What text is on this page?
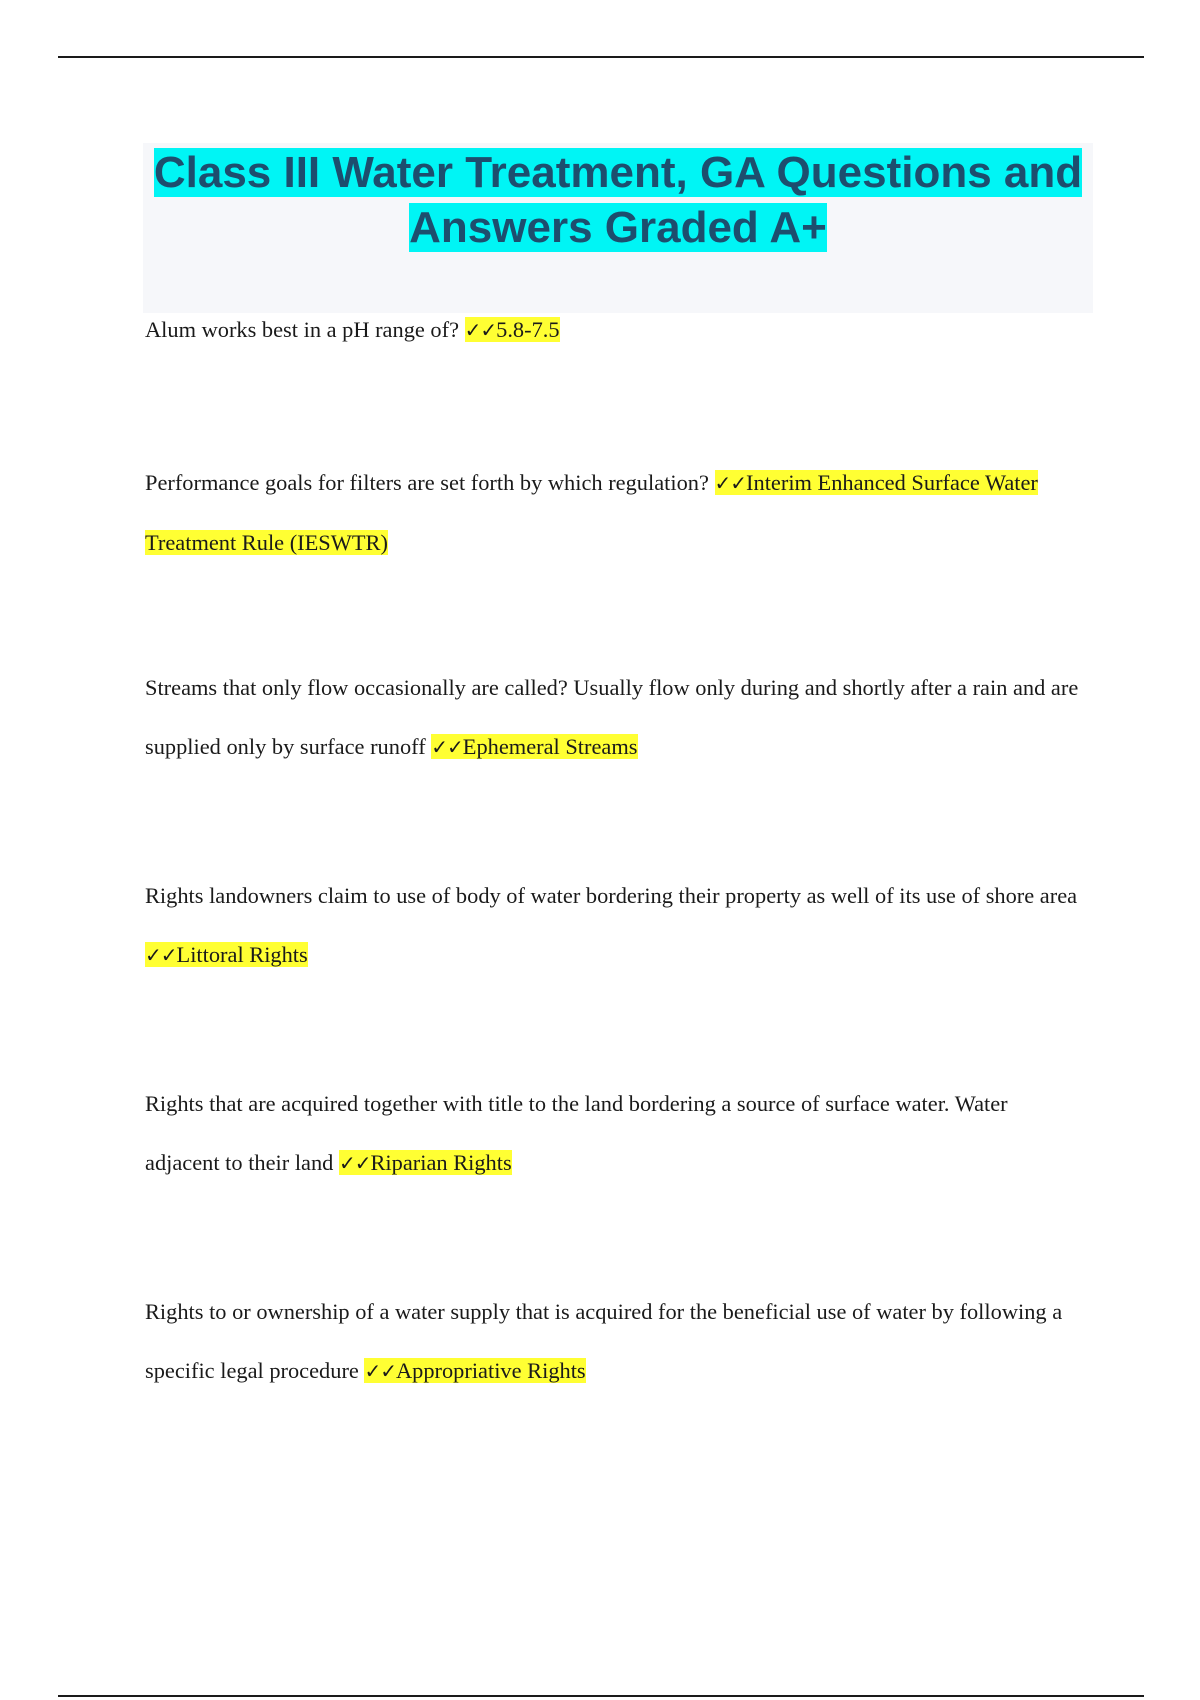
Class III Water Treatment, GA Questions and Answers Graded A+

Alum works best in a pH range of? ✓✓5.8-7.5

Performance goals for filters are set forth by which regulation? ✓✓Interim Enhanced Surface Water Treatment Rule (IESWTR)

Streams that only flow occasionally are called? Usually flow only during and shortly after a rain and are supplied only by surface runoff ✓✓Ephemeral Streams

Rights landowners claim to use of body of water bordering their property as well of its use of shore area ✓✓Littoral Rights

Rights that are acquired together with title to the land bordering a source of surface water. Water adjacent to their land ✓✓Riparian Rights

Rights to or ownership of a water supply that is acquired for the beneficial use of water by following a specific legal procedure ✓✓Appropriative Rights
